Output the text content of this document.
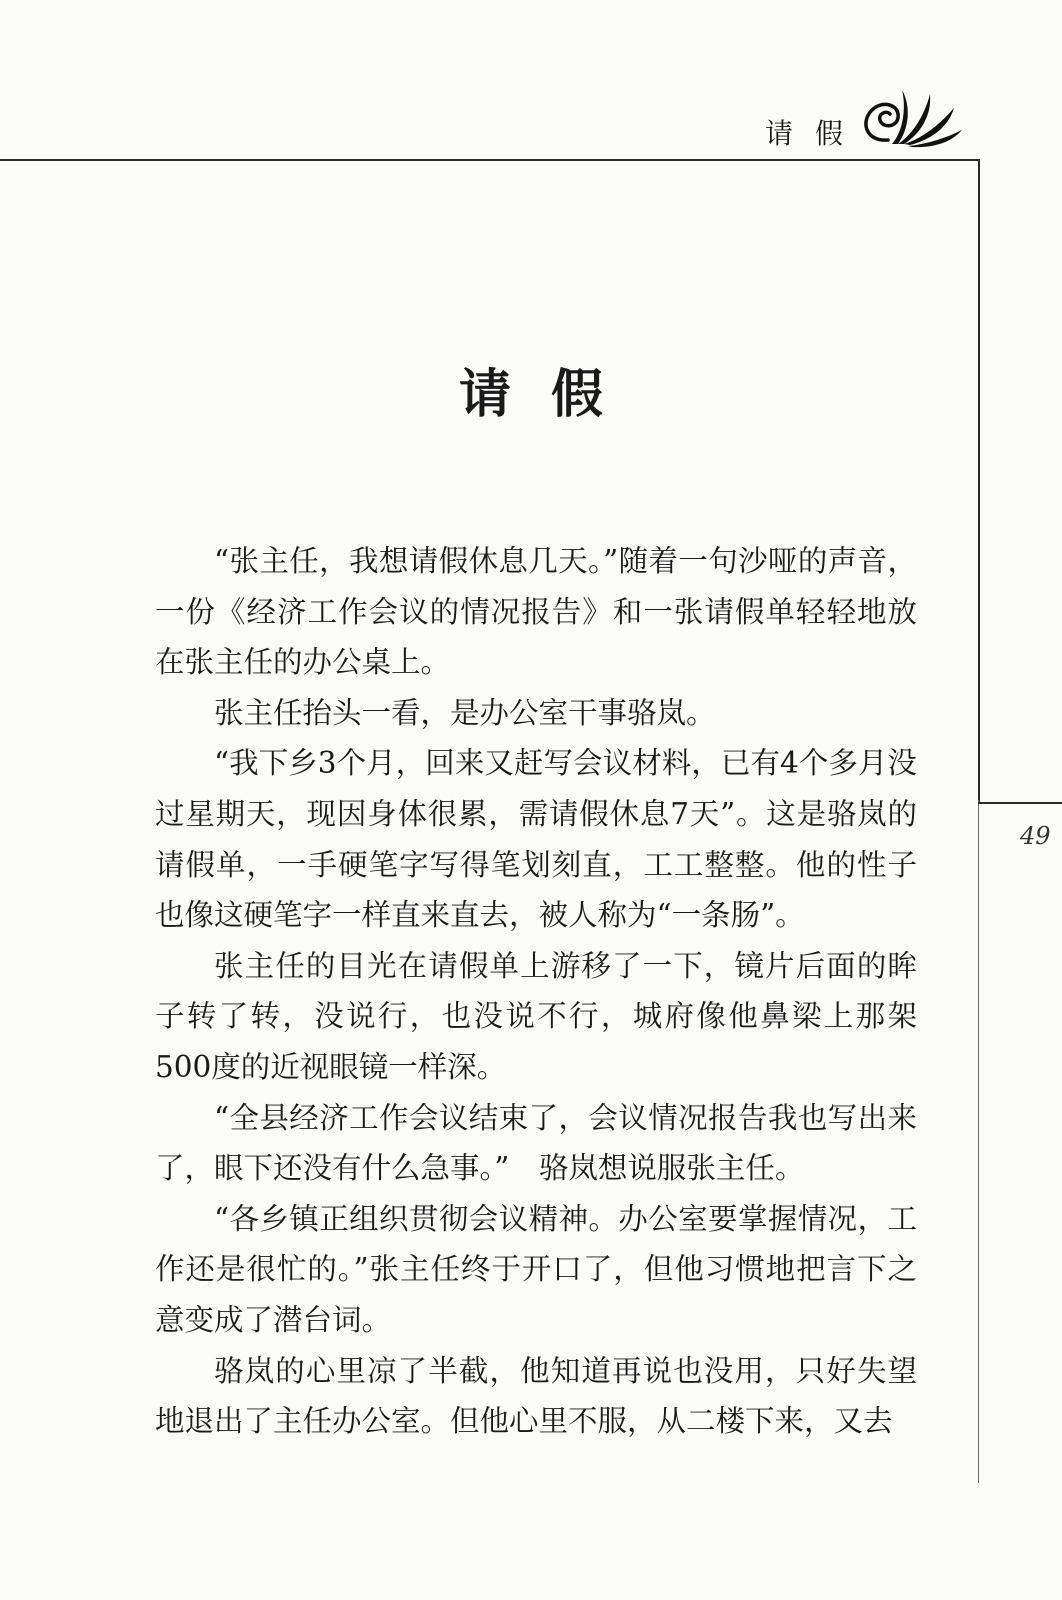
请假
49
请假

“张主任，我想请假休息几天。”随着一句沙哑的声音，一份《经济工作会议的情况报告》和一张请假单轻轻地放在张主任的办公桌上。

张主任抬头一看，是办公室干事骆岚。

“我下乡3个月，回来又赶写会议材料，已有4个多月没过星期天，现因身体很累，需请假休息7天”。这是骆岚的请假单，一手硬笔字写得笔划刻直，工工整整。他的性子也像这硬笔字一样直来直去，被人称为“一条肠”。

张主任的目光在请假单上游移了一下，镜片后面的眸子转了转，没说行，也没说不行，城府像他鼻梁上那架500度的近视眼镜一样深。

“全县经济工作会议结束了，会议情况报告我也写出来了，眼下还没有什么急事。”　骆岚想说服张主任。

“各乡镇正组织贯彻会议精神。办公室要掌握情况，工作还是很忙的。”张主任终于开口了，但他习惯地把言下之意变成了潜台词。

骆岚的心里凉了半截，他知道再说也没用，只好失望地退出了主任办公室。但他心里不服，从二楼下来，又去
